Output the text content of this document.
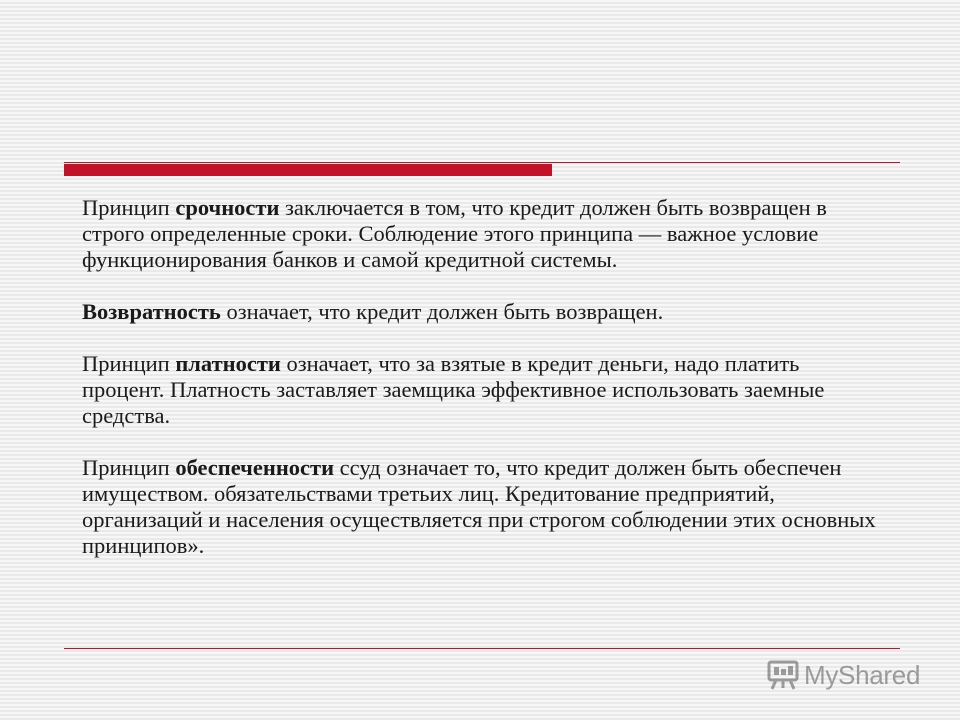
Принцип срочности заключается в том, что кредит должен быть возвращен в строго определенные сроки. Соблюдение этого принципа — важное условие функционирования банков и самой кредитной системы.

Возвратность означает, что кредит должен быть возвращен.

Принцип платности означает, что за взятые в кредит деньги, надо платить процент. Платность заставляет заемщика эффективное использовать заемные средства.

Принцип обеспеченности ссуд означает то, что кредит должен быть обеспечен имуществом. обязательствами третьих лиц. Кредитование предприятий, организаций и населения осуществляется при строгом соблюдении этих основных принципов».

MyShared
